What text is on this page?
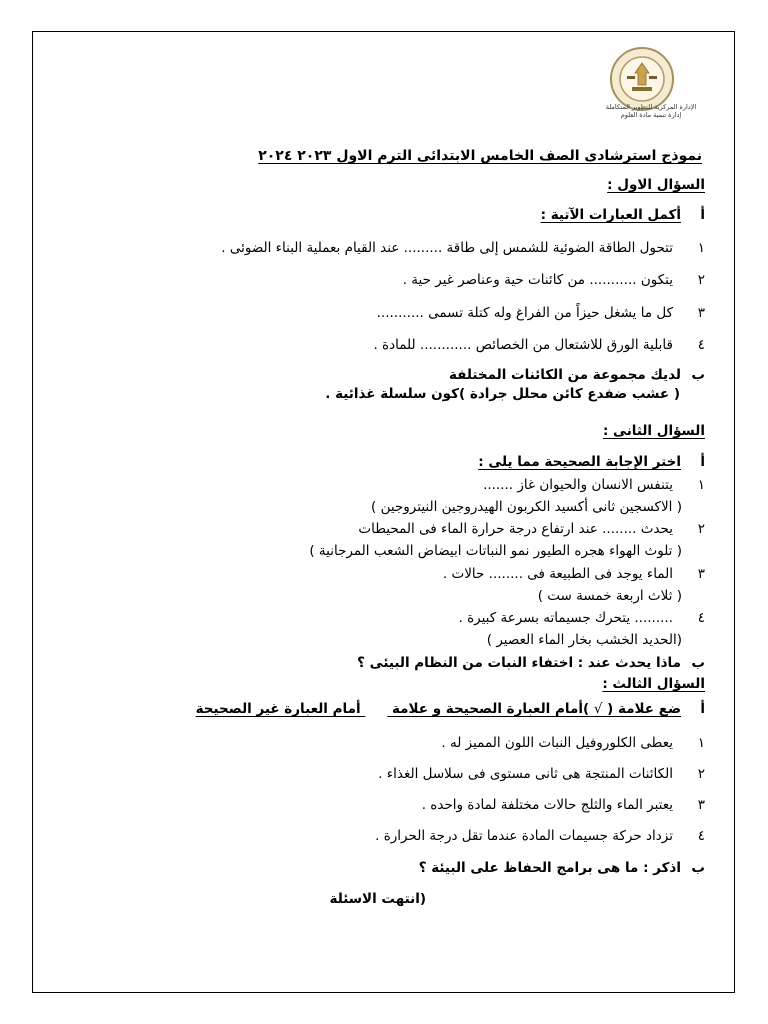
الإدارة المركزية للتطوير المتكاملة
إدارة تنمية مادة العلوم
نموذج استرشادى الصف الخامس الابتدائى الترم الاول ٢٠٢٣ ٢٠٢٤
السؤال الاول :
أأكمل العبارات الآتية :
١تتحول الطاقة الضوئية للشمس إلى طاقة ......... عند القيام بعملية البناء الضوئى .
٢يتكون ........... من كائنات حية وعناصر غير حية .
٣كل ما يشغل حيزاً من الفراغ وله كتلة تسمى ...........
٤قابلية الورق للاشتعال من الخصائص ............ للمادة .
بلديك مجموعة من الكائنات المختلفة
( عشب ضفدع كائن محلل جرادة )كون سلسلة غذائية .
السؤال الثانى :
أاختر الإجابة الصحيحة مما يلى :
١يتنفس الانسان والحيوان غاز .......
( الاكسجين ثانى أكسيد الكربون الهيدروجين النيتروجين )
٢يحدث ........ عند ارتفاع درجة حرارة الماء فى المحيطات
( تلوث الهواء هجره الطيور نمو النباتات ابيضاض الشعب المرجانية )
٣الماء يوجد فى الطبيعة فى ........ حالات .
( ثلاث اربعة خمسة ست )
٤......... يتحرك جسيماته بسرعة كبيرة .
(الحديد الخشب بخار الماء العصير )
بماذا يحدث عند : اختفاء النبات من النظام البيئى ؟
السؤال الثالث :
أضع علامة ( √ )أمام العبارة الصحيحة و علامة  أمام العبارة غير الصحيحة
١يعطى الكلوروفيل النبات اللون المميز له .
٢الكائنات المنتجة هى ثانى مستوى فى سلاسل الغذاء .
٣يعتبر الماء والثلج حالات مختلفة لمادة واحده .
٤تزداد حركة جسيمات المادة عندما تقل درجة الحرارة .
باذكر : ما هى برامج الحفاظ على البيئة ؟
(انتهت الاسئلة
